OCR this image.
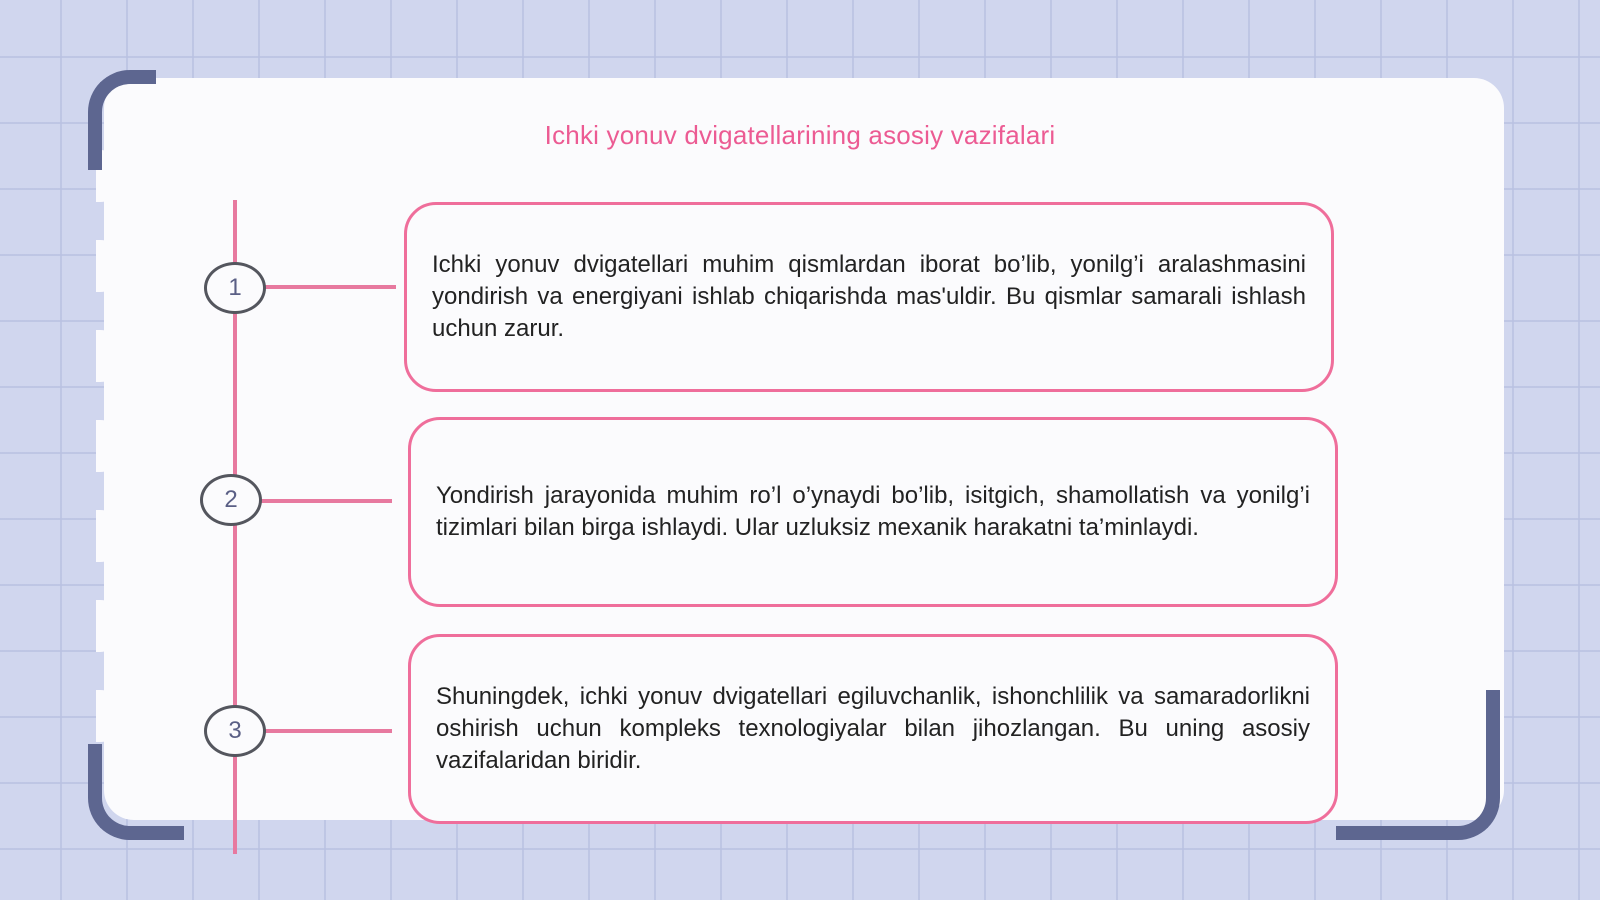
Ichki yonuv dvigatellarining asosiy vazifalari
1
2
3

Ichki yonuv dvigatellari muhim qismlardan iborat bo’lib, yonilg’i aralashmasini yondirish va energiyani ishlab chiqarishda mas'uldir. Bu qismlar samarali ishlash uchun zarur.

Yondirish jarayonida muhim ro’l o’ynaydi bo’lib, isitgich, shamollatish va yonilg’i tizimlari bilan birga ishlaydi. Ular uzluksiz mexanik harakatni ta’minlaydi.

Shuningdek, ichki yonuv dvigatellari egiluvchanlik, ishonchlilik va samaradorlikni oshirish uchun kompleks texnologiyalar bilan jihozlangan. Bu uning asosiy vazifalaridan biridir.
